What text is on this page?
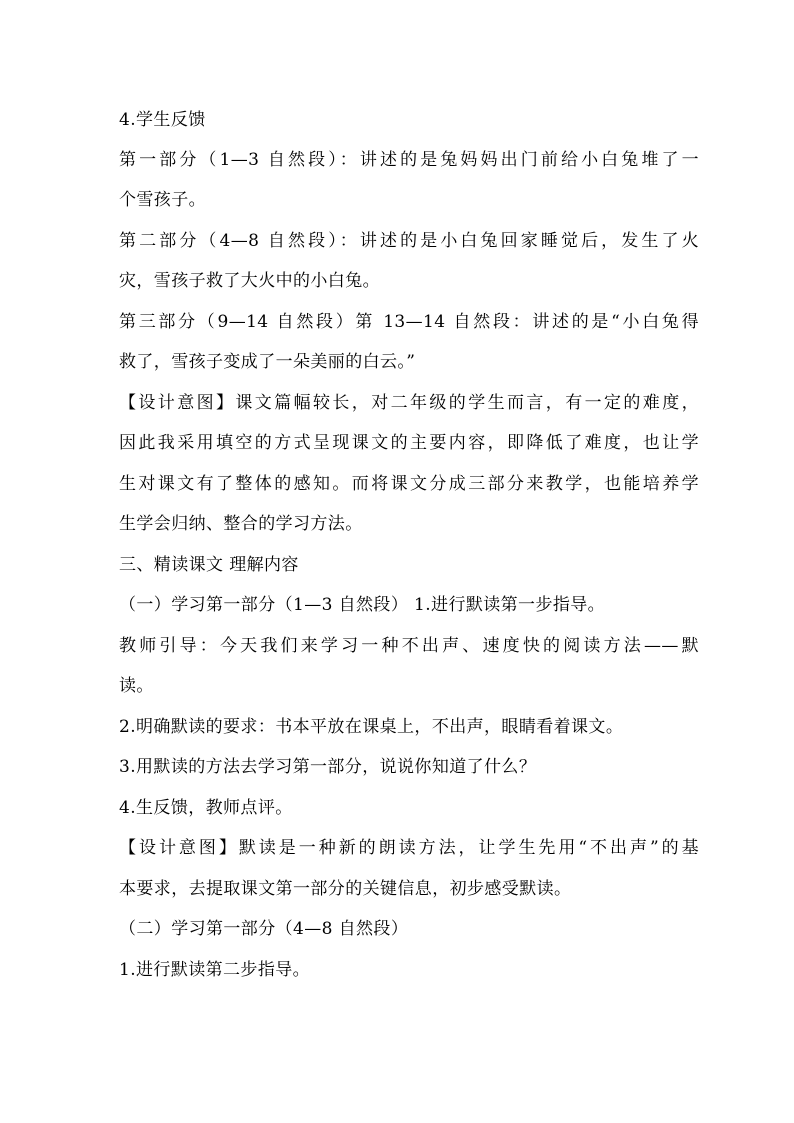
4.学生反馈
第一部分（1—3 自然段）：讲述的是兔妈妈出门前给小白兔堆了一
个雪孩子。
第二部分（4—8 自然段）：讲述的是小白兔回家睡觉后，发生了火
灾，雪孩子救了大火中的小白兔。
第三部分（9—14 自然段）第 13—14 自然段：讲述的是“小白兔得
救了，雪孩子变成了一朵美丽的白云。”
【设计意图】课文篇幅较长，对二年级的学生而言，有一定的难度，
因此我采用填空的方式呈现课文的主要内容，即降低了难度，也让学
生对课文有了整体的感知。而将课文分成三部分来教学，也能培养学
生学会归纳、整合的学习方法。
三、精读课文 理解内容
（一）学习第一部分（1—3 自然段） 1.进行默读第一步指导。
教师引导：今天我们来学习一种不出声、速度快的阅读方法——默
读。
2.明确默读的要求：书本平放在课桌上，不出声，眼睛看着课文。
3.用默读的方法去学习第一部分，说说你知道了什么？
4.生反馈，教师点评。
【设计意图】默读是一种新的朗读方法，让学生先用“不出声”的基
本要求，去提取课文第一部分的关键信息，初步感受默读。
（二）学习第一部分（4—8 自然段）
1.进行默读第二步指导。
